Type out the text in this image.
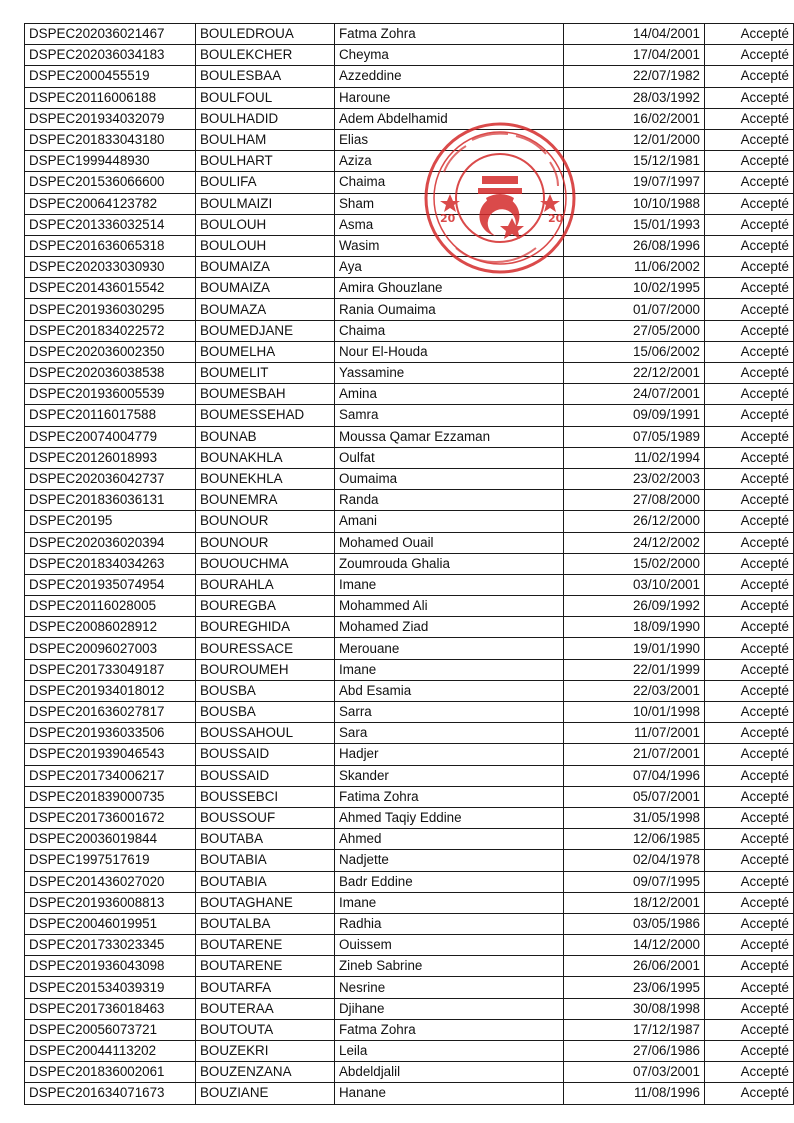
DSPEC202036021467	BOULEDROUA	Fatma Zohra	14/04/2001	Accepté
DSPEC202036034183	BOULEKCHER	Cheyma	17/04/2001	Accepté
DSPEC2000455519	BOULESBAA	Azzeddine	22/07/1982	Accepté
DSPEC20116006188	BOULFOUL	Haroune	28/03/1992	Accepté
DSPEC201934032079	BOULHADID	Adem Abdelhamid	16/02/2001	Accepté
DSPEC201833043180	BOULHAM	Elias	12/01/2000	Accepté
DSPEC1999448930	BOULHART	Aziza	15/12/1981	Accepté
DSPEC201536066600	BOULIFA	Chaima	19/07/1997	Accepté
DSPEC20064123782	BOULMAIZI	Sham	10/10/1988	Accepté
DSPEC201336032514	BOULOUH	Asma	15/01/1993	Accepté
DSPEC201636065318	BOULOUH	Wasim	26/08/1996	Accepté
DSPEC202033030930	BOUMAIZA	Aya	11/06/2002	Accepté
DSPEC201436015542	BOUMAIZA	Amira Ghouzlane	10/02/1995	Accepté
DSPEC201936030295	BOUMAZA	Rania Oumaima	01/07/2000	Accepté
DSPEC201834022572	BOUMEDJANE	Chaima	27/05/2000	Accepté
DSPEC202036002350	BOUMELHA	Nour El-Houda	15/06/2002	Accepté
DSPEC202036038538	BOUMELIT	Yassamine	22/12/2001	Accepté
DSPEC201936005539	BOUMESBAH	Amina	24/07/2001	Accepté
DSPEC20116017588	BOUMESSEHAD	Samra	09/09/1991	Accepté
DSPEC20074004779	BOUNAB	Moussa Qamar Ezzaman	07/05/1989	Accepté
DSPEC20126018993	BOUNAKHLA	Oulfat	11/02/1994	Accepté
DSPEC202036042737	BOUNEKHLA	Oumaima	23/02/2003	Accepté
DSPEC201836036131	BOUNEMRA	Randa	27/08/2000	Accepté
DSPEC20195	BOUNOUR	Amani	26/12/2000	Accepté
DSPEC202036020394	BOUNOUR	Mohamed Ouail	24/12/2002	Accepté
DSPEC201834034263	BOUOUCHMA	Zoumrouda Ghalia	15/02/2000	Accepté
DSPEC201935074954	BOURAHLA	Imane	03/10/2001	Accepté
DSPEC20116028005	BOUREGBA	Mohammed Ali	26/09/1992	Accepté
DSPEC20086028912	BOUREGHIDA	Mohamed Ziad	18/09/1990	Accepté
DSPEC20096027003	BOURESSACE	Merouane	19/01/1990	Accepté
DSPEC201733049187	BOUROUMEH	Imane	22/01/1999	Accepté
DSPEC201934018012	BOUSBA	Abd Esamia	22/03/2001	Accepté
DSPEC201636027817	BOUSBA	Sarra	10/01/1998	Accepté
DSPEC201936033506	BOUSSAHOUL	Sara	11/07/2001	Accepté
DSPEC201939046543	BOUSSAID	Hadjer	21/07/2001	Accepté
DSPEC201734006217	BOUSSAID	Skander	07/04/1996	Accepté
DSPEC201839000735	BOUSSEBCI	Fatima Zohra	05/07/2001	Accepté
DSPEC201736001672	BOUSSOUF	Ahmed Taqiy Eddine	31/05/1998	Accepté
DSPEC20036019844	BOUTABA	Ahmed	12/06/1985	Accepté
DSPEC1997517619	BOUTABIA	Nadjette	02/04/1978	Accepté
DSPEC201436027020	BOUTABIA	Badr Eddine	09/07/1995	Accepté
DSPEC201936008813	BOUTAGHANE	Imane	18/12/2001	Accepté
DSPEC20046019951	BOUTALBA	Radhia	03/05/1986	Accepté
DSPEC201733023345	BOUTARENE	Ouissem	14/12/2000	Accepté
DSPEC201936043098	BOUTARENE	Zineb Sabrine	26/06/2001	Accepté
DSPEC201534039319	BOUTARFA	Nesrine	23/06/1995	Accepté
DSPEC201736018463	BOUTERAA	Djihane	30/08/1998	Accepté
DSPEC20056073721	BOUTOUTA	Fatma Zohra	17/12/1987	Accepté
DSPEC20044113202	BOUZEKRI	Leila	27/06/1986	Accepté
DSPEC201836002061	BOUZENZANA	Abdeldjalil	07/03/2001	Accepté
DSPEC201634071673	BOUZIANE	Hanane	11/08/1996	Accepté
20	20
